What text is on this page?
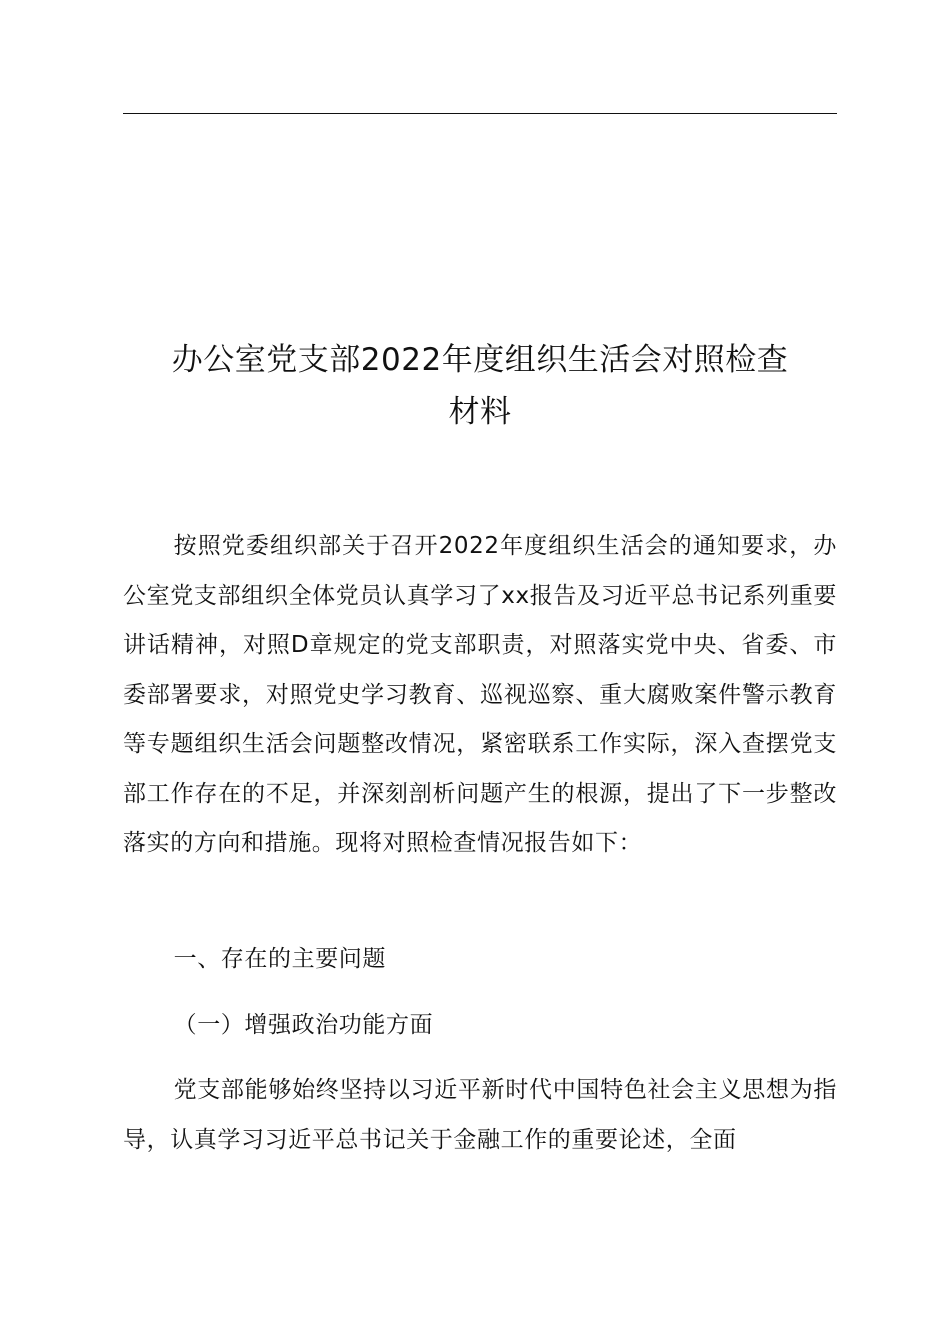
办公室党支部2022年度组织生活会对照检查
材料
按照党委组织部关于召开2022年度组织生活会的通知要求，办公室党支部组织全体党员认真学习了xx报告及习近平总书记系列重要讲话精神，对照D章规定的党支部职责，对照落实党中央、省委、市委部署要求，对照党史学习教育、巡视巡察、重大腐败案件警示教育等专题组织生活会问题整改情况，紧密联系工作实际，深入查摆党支部工作存在的不足，并深刻剖析问题产生的根源，提出了下一步整改落实的方向和措施。现将对照检查情况报告如下：
一、存在的主要问题
（一）增强政治功能方面
党支部能够始终坚持以习近平新时代中国特色社会主义思想为指导，认真学习习近平总书记关于金融工作的重要论述，全面
